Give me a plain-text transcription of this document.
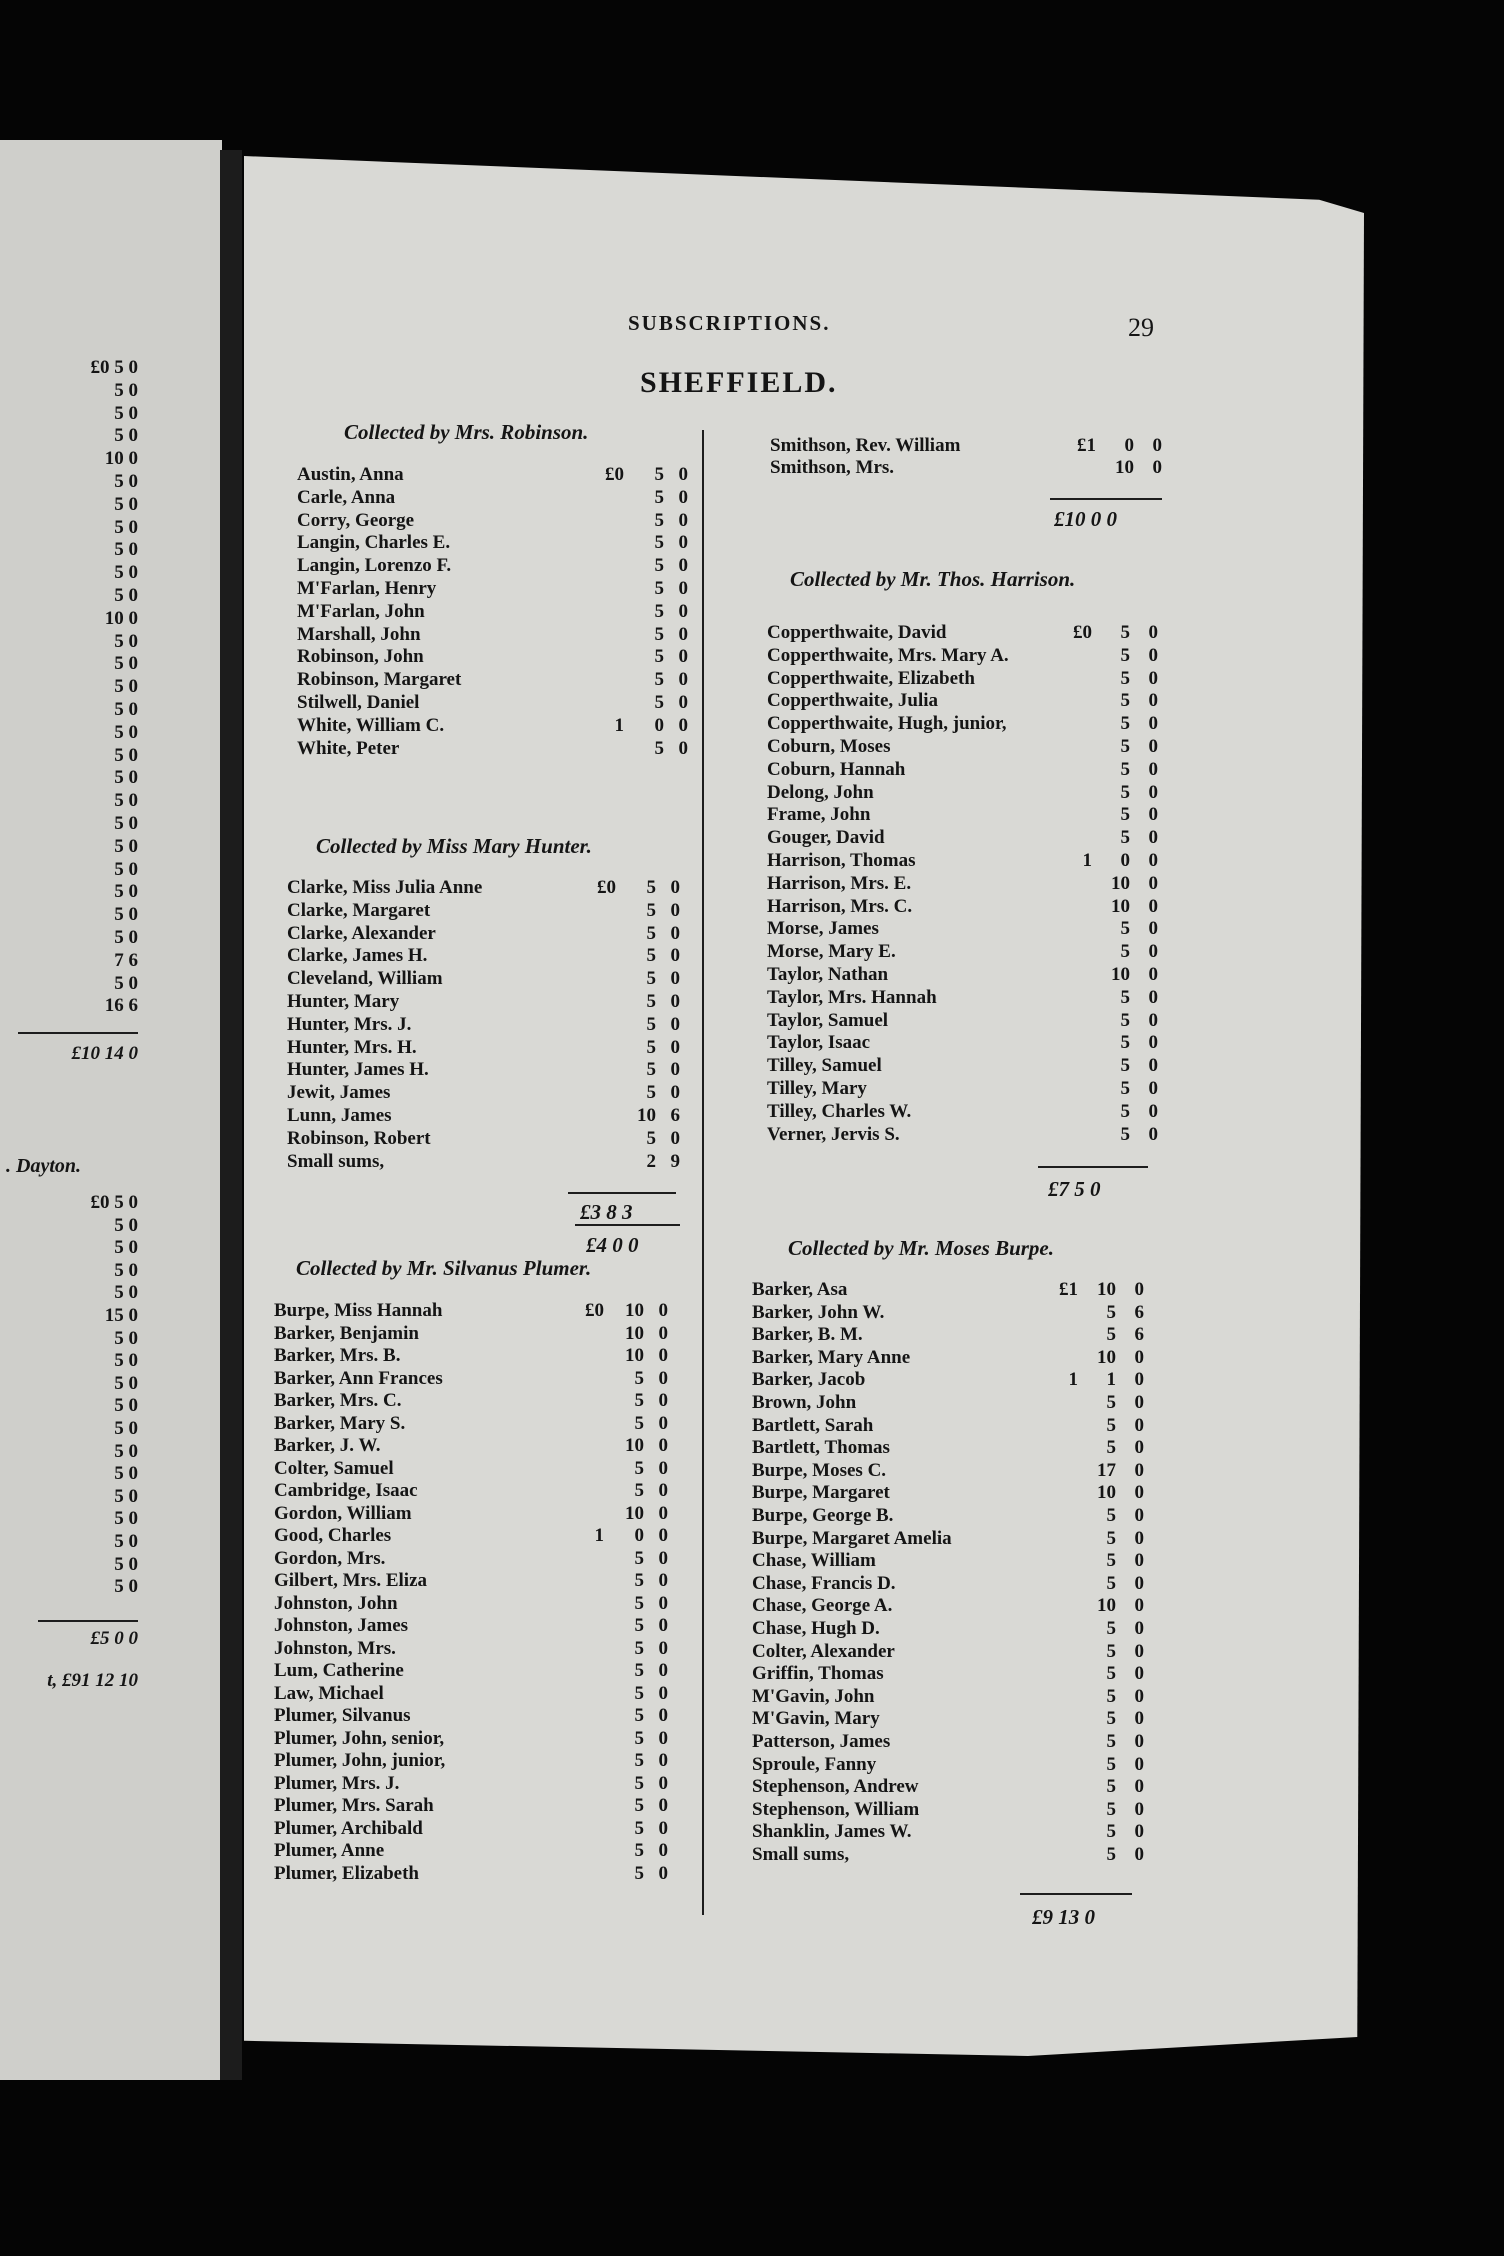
£0 5 0
5 0
5 0
5 0
10 0
5 0
5 0
5 0
5 0
5 0
5 0
10 0
5 0
5 0
5 0
5 0
5 0
5 0
5 0
5 0
5 0
5 0
5 0
5 0
5 0
5 0
7 6
5 0
16 6
£10 14 0
. Dayton.
£0 5 0
5 0
5 0
5 0
5 0
15 0
5 0
5 0
5 0
5 0
5 0
5 0
5 0
5 0
5 0
5 0
5 0
5 0
£5 0 0
t, £91 12 10
SUBSCRIPTIONS.	29
SHEFFIELD.
Collected by Mrs. Robinson.
Austin, Anna	£0	5 0
Carle, Anna	5 0
Corry, George	5 0
Langin, Charles E.	5 0
Langin, Lorenzo F.	5 0
M'Farlan, Henry	5 0
M'Farlan, John	5 0
Marshall, John	5 0
Robinson, John	5 0
Robinson, Margaret	5 0
Stilwell, Daniel	5 0
White, William C.	1	0 0
White, Peter	5 0
£4 0 0
Collected by Miss Mary Hunter.
Clarke, Miss Julia Anne	£0	5 0
Clarke, Margaret	5 0
Clarke, Alexander	5 0
Clarke, James H.	5 0
Cleveland, William	5 0
Hunter, Mary	5 0
Hunter, Mrs. J.	5 0
Hunter, Mrs. H.	5 0
Hunter, James H.	5 0
Jewit, James	5 0
Lunn, James	10 6
Robinson, Robert	5 0
Small sums,	2 9
£3 8 3
Collected by Mr. Silvanus Plumer.
Burpe, Miss Hannah	£0	10 0
Barker, Benjamin	10 0
Barker, Mrs. B.	10 0
Barker, Ann Frances	5 0
Barker, Mrs. C.	5 0
Barker, Mary S.	5 0
Barker, J. W.	10 0
Colter, Samuel	5 0
Cambridge, Isaac	5 0
Gordon, William	10 0
Good, Charles	1	0 0
Gordon, Mrs.	5 0
Gilbert, Mrs. Eliza	5 0
Johnston, John	5 0
Johnston, James	5 0
Johnston, Mrs.	5 0
Lum, Catherine	5 0
Law, Michael	5 0
Plumer, Silvanus	5 0
Plumer, John, senior,	5 0
Plumer, John, junior,	5 0
Plumer, Mrs. J.	5 0
Plumer, Mrs. Sarah	5 0
Plumer, Archibald	5 0
Plumer, Anne	5 0
Plumer, Elizabeth	5 0
Smithson, Rev. William	£1	0 0
Smithson, Mrs.	10 0
£10 0 0
Collected by Mr. Thos. Harrison.
Copperthwaite, David	£0	5 0
Copperthwaite, Mrs. Mary A.	5 0
Copperthwaite, Elizabeth	5 0
Copperthwaite, Julia	5 0
Copperthwaite, Hugh, junior,	5 0
Coburn, Moses	5 0
Coburn, Hannah	5 0
Delong, John	5 0
Frame, John	5 0
Gouger, David	5 0
Harrison, Thomas	1	0 0
Harrison, Mrs. E.	10 0
Harrison, Mrs. C.	10 0
Morse, James	5 0
Morse, Mary E.	5 0
Taylor, Nathan	10 0
Taylor, Mrs. Hannah	5 0
Taylor, Samuel	5 0
Taylor, Isaac	5 0
Tilley, Samuel	5 0
Tilley, Mary	5 0
Tilley, Charles W.	5 0
Verner, Jervis S.	5 0
£7 5 0
Collected by Mr. Moses Burpe.
Barker, Asa	£1	10 0
Barker, John W.	5 6
Barker, B. M.	5 6
Barker, Mary Anne	10 0
Barker, Jacob	1	1 0
Brown, John	5 0
Bartlett, Sarah	5 0
Bartlett, Thomas	5 0
Burpe, Moses C.	17 0
Burpe, Margaret	10 0
Burpe, George B.	5 0
Burpe, Margaret Amelia	5 0
Chase, William	5 0
Chase, Francis D.	5 0
Chase, George A.	10 0
Chase, Hugh D.	5 0
Colter, Alexander	5 0
Griffin, Thomas	5 0
M'Gavin, John	5 0
M'Gavin, Mary	5 0
Patterson, James	5 0
Sproule, Fanny	5 0
Stephenson, Andrew	5 0
Stephenson, William	5 0
Shanklin, James W.	5 0
Small sums,	5 0
£9 13 0
